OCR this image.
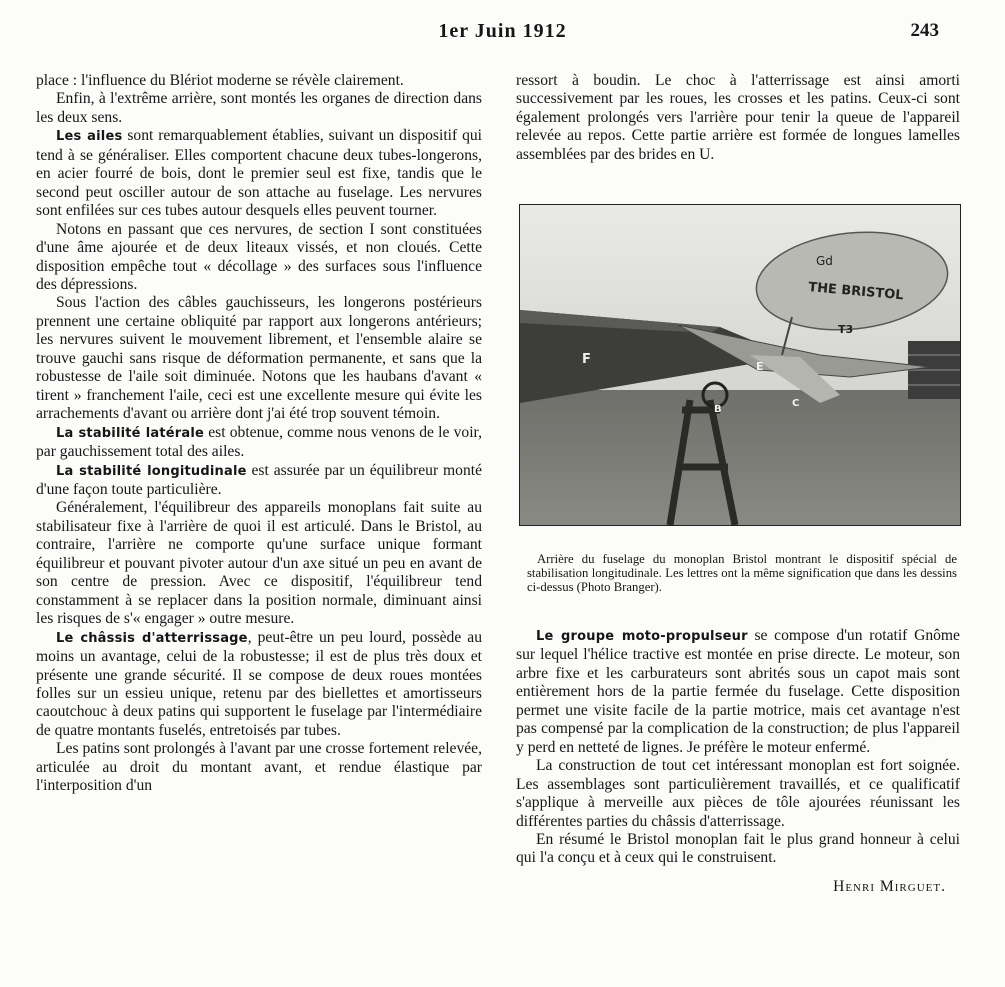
1er Juin 1912	243

place : l'influence du Blériot moderne se révèle clairement.

Enfin, à l'extrême arrière, sont montés les organes de direction dans les deux sens.

Les ailes sont remarquablement établies, suivant un dispositif qui tend à se généraliser. Elles comportent chacune deux tubes-longerons, en acier fourré de bois, dont le premier seul est fixe, tandis que le second peut osciller autour de son attache au fuselage. Les nervures sont enfilées sur ces tubes autour desquels elles peuvent tourner.

Notons en passant que ces nervures, de section I sont constituées d'une âme ajourée et de deux liteaux vissés, et non cloués. Cette disposition empêche tout « décollage » des surfaces sous l'influence des dépressions.

Sous l'action des câbles gauchisseurs, les longerons postérieurs prennent une certaine obliquité par rapport aux longerons antérieurs; les nervures suivent le mouvement librement, et l'ensemble alaire se trouve gauchi sans risque de déformation permanente, et sans que la robustesse de l'aile soit diminuée. Notons que les haubans d'avant « tirent » franchement l'aile, ceci est une excellente mesure qui évite les arrachements d'avant ou arrière dont j'ai été trop souvent témoin.

La stabilité latérale est obtenue, comme nous venons de le voir, par gauchissement total des ailes.

La stabilité longitudinale est assurée par un équilibreur monté d'une façon toute particulière.

Généralement, l'équilibreur des appareils monoplans fait suite au stabilisateur fixe à l'arrière de quoi il est articulé. Dans le Bristol, au contraire, l'arrière ne comporte qu'une surface unique formant équilibreur et pouvant pivoter autour d'un axe situé un peu en avant de son centre de pression. Avec ce dispositif, l'équilibreur tend constamment à se replacer dans la position normale, diminuant ainsi les risques de s'« engager » outre mesure.

Le châssis d'atterrissage, peut-être un peu lourd, possède au moins un avantage, celui de la robustesse; il est de plus très doux et présente une grande sécurité. Il se compose de deux roues montées folles sur un essieu unique, retenu par des biellettes et amortisseurs caoutchouc à deux patins qui supportent le fuselage par l'intermédiaire de quatre montants fuselés, entretoisés par tubes.

Les patins sont prolongés à l'avant par une crosse fortement relevée, articulée au droit du montant avant, et rendue élastique par l'interposition d'un

ressort à boudin. Le choc à l'atterrissage est ainsi amorti successivement par les roues, les crosses et les patins. Ceux-ci sont également prolongés vers l'arrière pour tenir la queue de l'appareil relevée au repos. Cette partie arrière est formée de longues lamelles assemblées par des brides en U.

Gd
THE BRISTOL
T3
F	E
B
C
Arrière du fuselage du monoplan Bristol montrant le dispositif spécial de stabilisation longitudinale. Les lettres ont la même signification que dans les dessins ci-dessus (Photo Branger).

Le groupe moto-propulseur se compose d'un rotatif Gnôme sur lequel l'hélice tractive est montée en prise directe. Le moteur, son arbre fixe et les carburateurs sont abrités sous un capot mais sont entièrement hors de la partie fermée du fuselage. Cette disposition permet une visite facile de la partie motrice, mais cet avantage n'est pas compensé par la complication de la construction; de plus l'appareil y perd en netteté de lignes. Je préfère le moteur enfermé.

La construction de tout cet intéressant monoplan est fort soignée. Les assemblages sont particulièrement travaillés, et ce qualificatif s'applique à merveille aux pièces de tôle ajourées réunissant les différentes parties du châssis d'atterrissage.

En résumé le Bristol monoplan fait le plus grand honneur à celui qui l'a conçu et à ceux qui le construisent.

Henri Mirguet.
